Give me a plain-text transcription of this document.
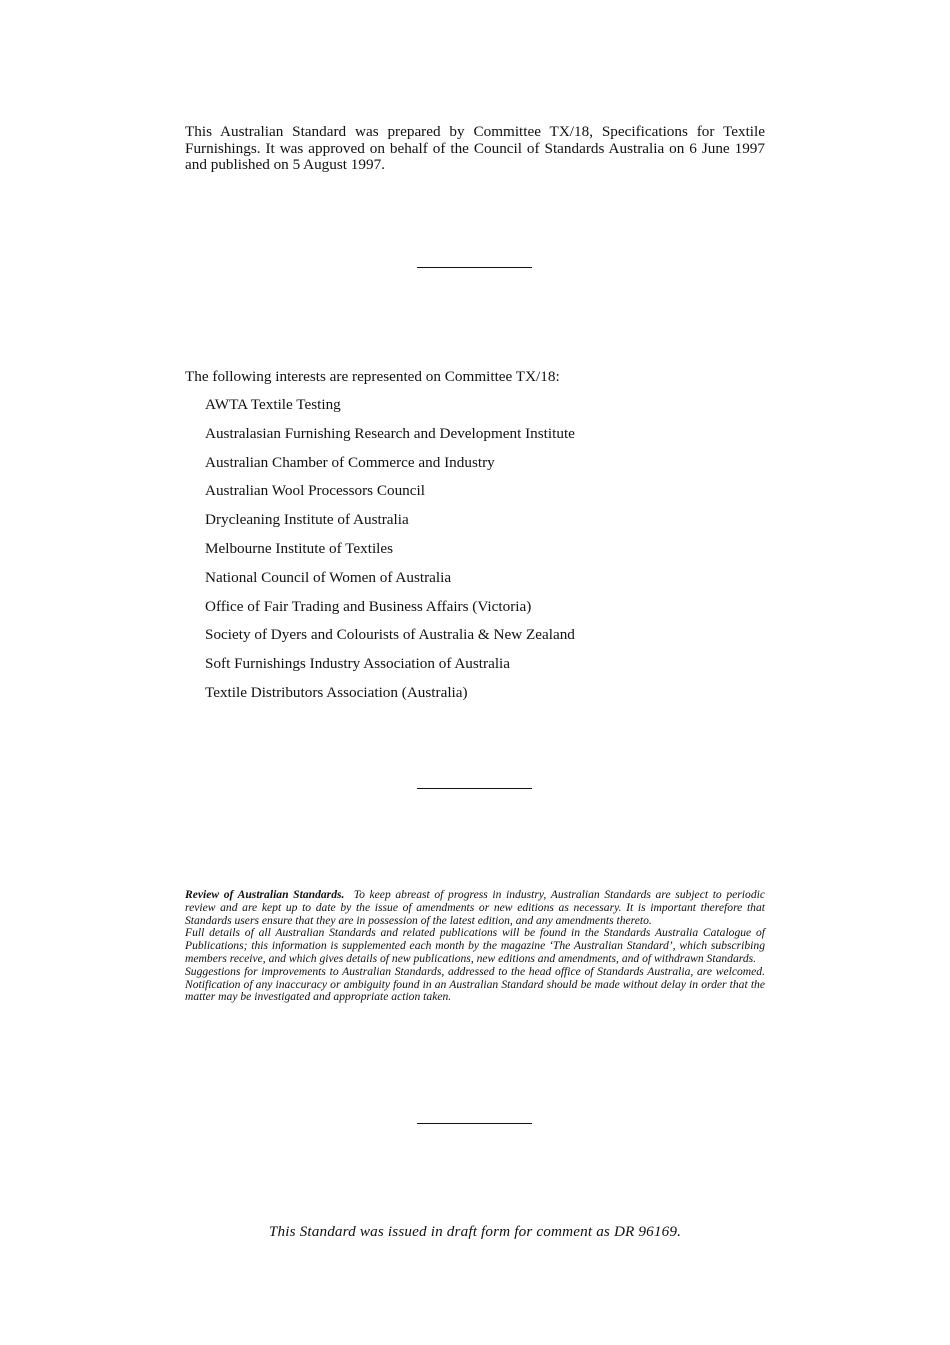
This Australian Standard was prepared by Committee TX/18, Specifications for Textile Furnishings. It was approved on behalf of the Council of Standards Australia on 6 June 1997 and published on 5 August 1997.

The following interests are represented on Committee TX/18:

AWTA Textile Testing
Australasian Furnishing Research and Development Institute
Australian Chamber of Commerce and Industry
Australian Wool Processors Council
Drycleaning Institute of Australia
Melbourne Institute of Textiles
National Council of Women of Australia
Office of Fair Trading and Business Affairs (Victoria)
Society of Dyers and Colourists of Australia & New Zealand
Soft Furnishings Industry Association of Australia
Textile Distributors Association (Australia)

Review of Australian Standards. To keep abreast of progress in industry, Australian Standards are subject to periodic review and are kept up to date by the issue of amendments or new editions as necessary. It is important therefore that Standards users ensure that they are in possession of the latest edition, and any amendments thereto.

Full details of all Australian Standards and related publications will be found in the Standards Australia Catalogue of Publications; this information is supplemented each month by the magazine ‘The Australian Standard’, which subscribing members receive, and which gives details of new publications, new editions and amendments, and of withdrawn Standards.

Suggestions for improvements to Australian Standards, addressed to the head office of Standards Australia, are welcomed. Notification of any inaccuracy or ambiguity found in an Australian Standard should be made without delay in order that the matter may be investigated and appropriate action taken.

This Standard was issued in draft form for comment as DR 96169.
